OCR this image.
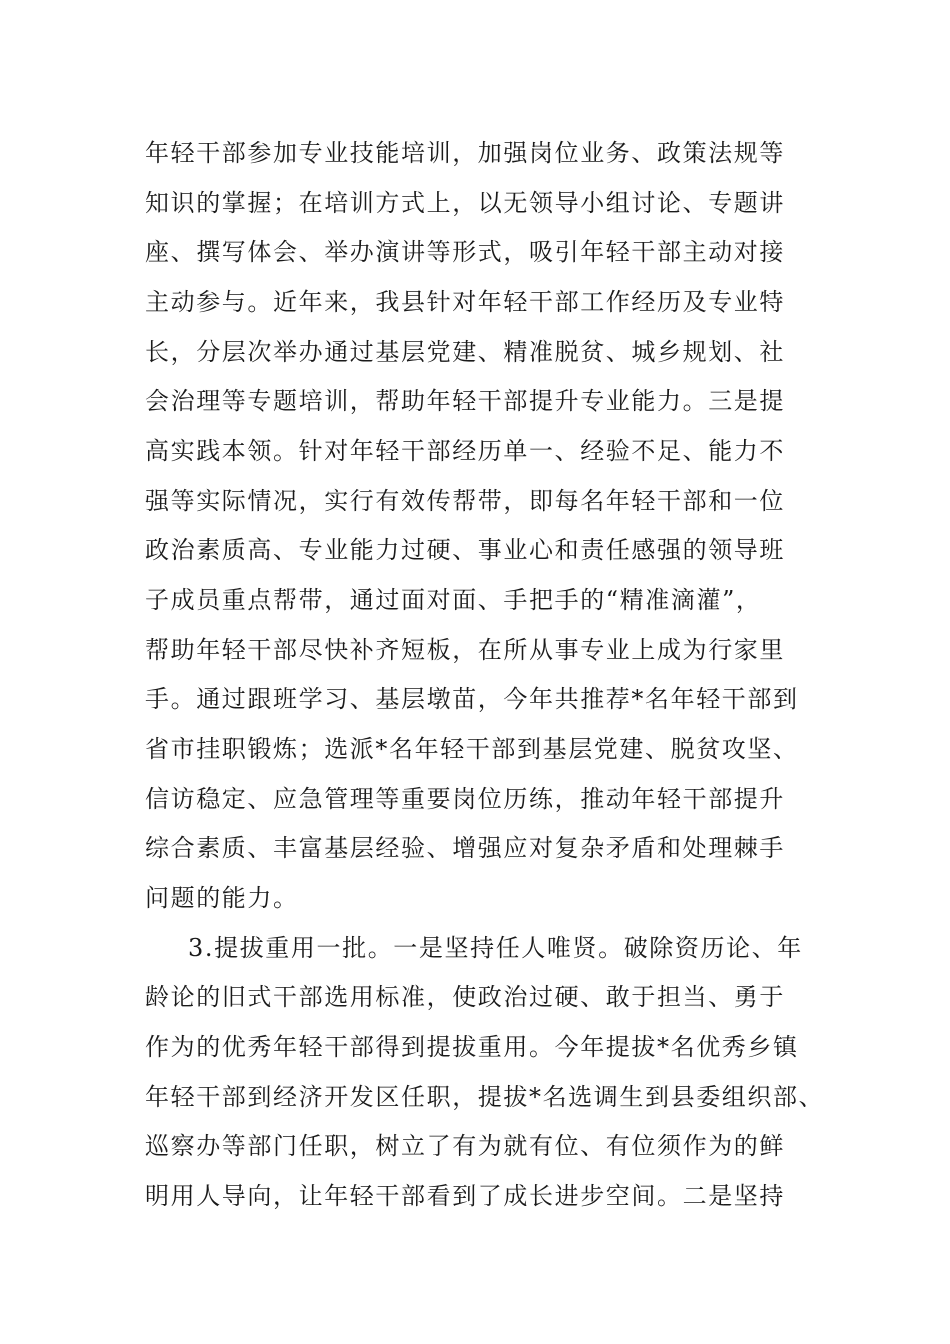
年轻干部参加专业技能培训，加强岗位业务、政策法规等

知识的掌握；在培训方式上，以无领导小组讨论、专题讲

座、撰写体会、举办演讲等形式，吸引年轻干部主动对接

主动参与。近年来，我县针对年轻干部工作经历及专业特

长，分层次举办通过基层党建、精准脱贫、城乡规划、社

会治理等专题培训，帮助年轻干部提升专业能力。三是提

高实践本领。针对年轻干部经历单一、经验不足、能力不

强等实际情况，实行有效传帮带，即每名年轻干部和一位

政治素质高、专业能力过硬、事业心和责任感强的领导班

子成员重点帮带，通过面对面、手把手的“精准滴灌”，

帮助年轻干部尽快补齐短板，在所从事专业上成为行家里

手。通过跟班学习、基层墩苗，今年共推荐*名年轻干部到

省市挂职锻炼；选派*名年轻干部到基层党建、脱贫攻坚、

信访稳定、应急管理等重要岗位历练，推动年轻干部提升

综合素质、丰富基层经验、增强应对复杂矛盾和处理棘手

问题的能力。

3.提拔重用一批。一是坚持任人唯贤。破除资历论、年

龄论的旧式干部选用标准，使政治过硬、敢于担当、勇于

作为的优秀年轻干部得到提拔重用。今年提拔*名优秀乡镇

年轻干部到经济开发区任职，提拔*名选调生到县委组织部、

巡察办等部门任职，树立了有为就有位、有位须作为的鲜

明用人导向，让年轻干部看到了成长进步空间。二是坚持
